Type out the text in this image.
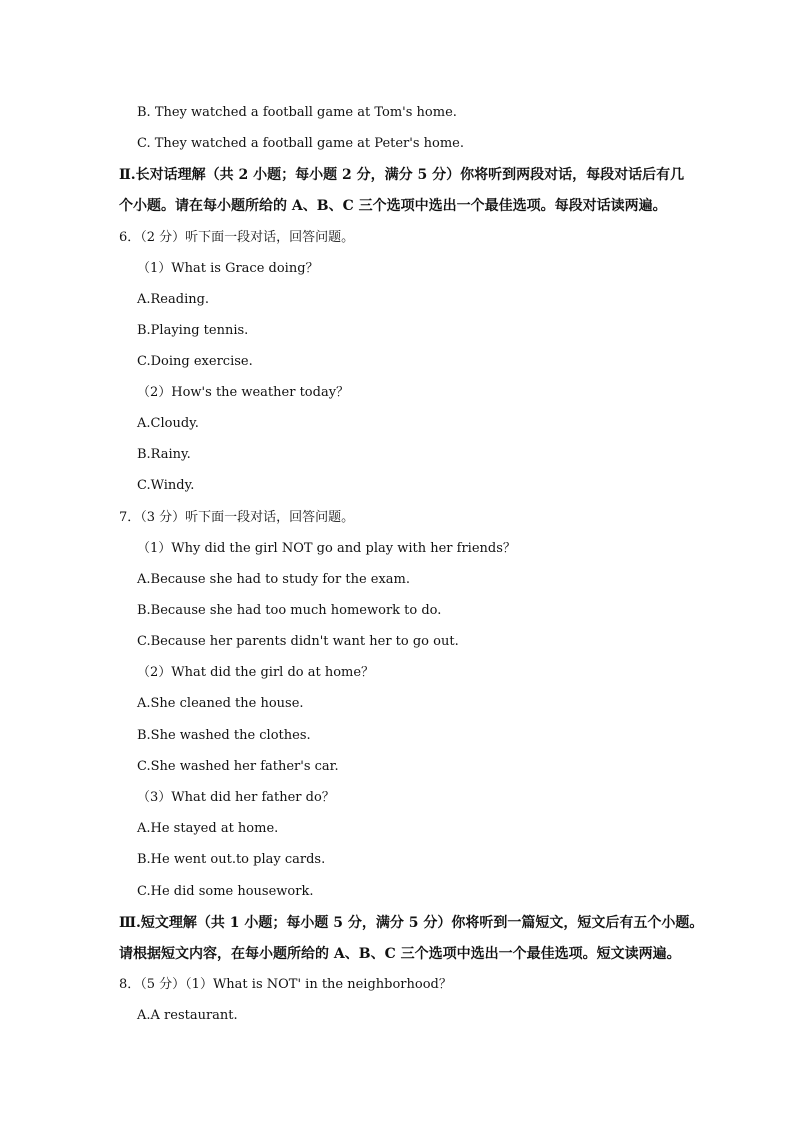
B. They watched a football game at Tom's home.
C. They watched a football game at Peter's home.
Ⅱ.长对话理解（共 2 小题；每小题 2 分，满分 5 分）你将听到两段对话，每段对话后有几
个小题。请在每小题所给的 A、B、C 三个选项中选出一个最佳选项。每段对话读两遍。
6．（2 分）听下面一段对话，回答问题。
（1）What is Grace doing？
A.Reading.
B.Playing tennis.
C.Doing exercise.
（2）How's the weather today？
A.Cloudy.
B.Rainy.
C.Windy.
7．（3 分）听下面一段对话，回答问题。
（1）Why did the girl NOT go and play with her friends？
A.Because she had to study for the exam.
B.Because she had too much homework to do.
C.Because her parents didn't want her to go out.
（2）What did the girl do at home？
A.She cleaned the house.
B.She washed the clothes.
C.She washed her father's car.
（3）What did her father do？
A.He stayed at home.
B.He went out.to play cards.
C.He did some housework.
Ⅲ.短文理解（共 1 小题；每小题 5 分，满分 5 分）你将听到一篇短文，短文后有五个小题。
请根据短文内容，在每小题所给的 A、B、C 三个选项中选出一个最佳选项。短文读两遍。
8．（5 分）（1）What is NOT' in the neighborhood？
A.A restaurant.
